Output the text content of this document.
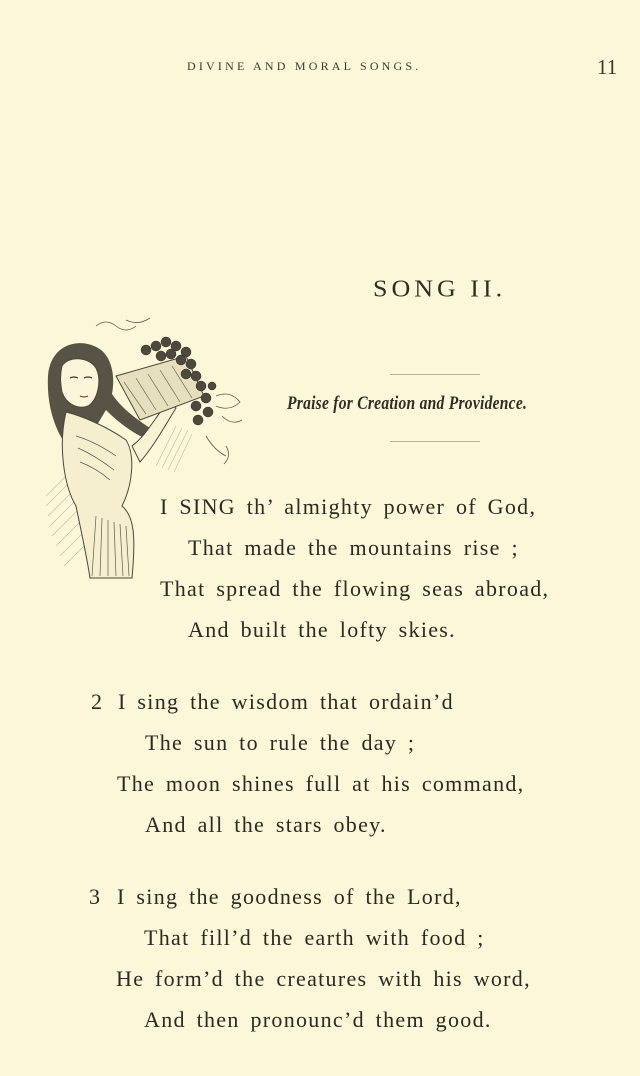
DIVINE AND MORAL SONGS.	11
SONG II.
Praise for Creation and Providence.
I SING th’ almighty power of God,
That made the mountains rise ;
That spread the flowing seas abroad,
And built the lofty skies.
2 I sing the wisdom that ordain’d
The sun to rule the day ;
The moon shines full at his command,
And all the stars obey.
3 I sing the goodness of the Lord,
That fill’d the earth with food ;
He form’d the creatures with his word,
And then pronounc’d them good.
